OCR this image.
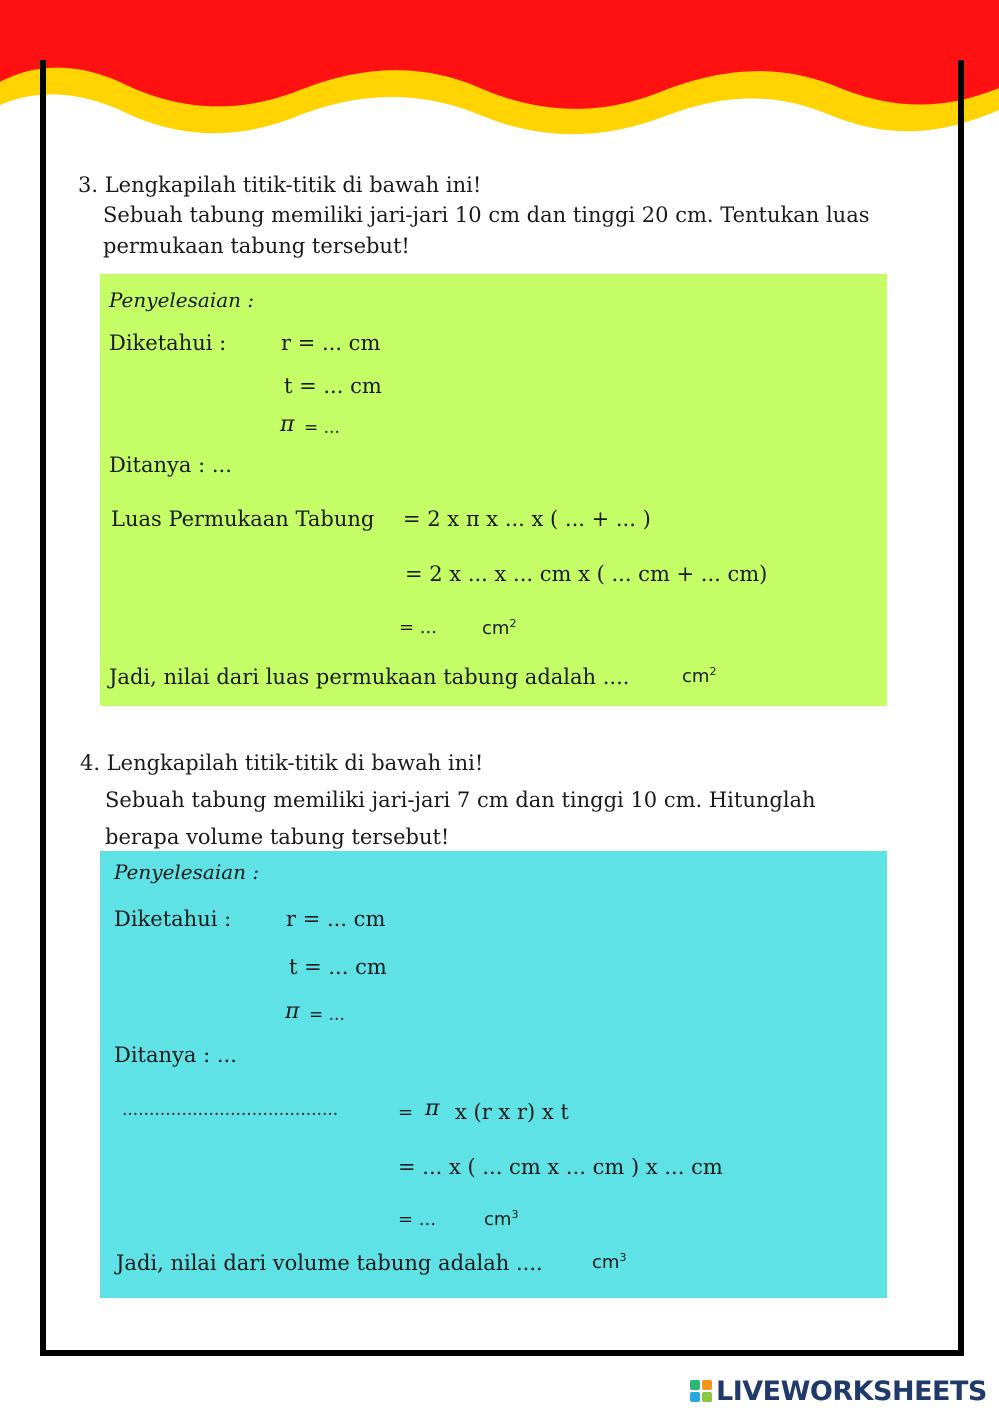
3. Lengkapilah titik-titik di bawah ini!
Sebuah tabung memiliki jari-jari 10 cm dan tinggi 20 cm. Tentukan luas
permukaan tabung tersebut!
Penyelesaian :
Diketahui :	r = ... cm
t = ... cm
π = ...
Ditanya : ...
Luas Permukaan Tabung = 2 x π x ... x ( ... + ... )
= 2 x ... x ... cm x ( ... cm + ... cm)
= ...	$cm^2$
Jadi, nilai dari luas permukaan tabung adalah ....	$cm^2$
4. Lengkapilah titik-titik di bawah ini!
Sebuah tabung memiliki jari-jari 7 cm dan tinggi 10 cm. Hitunglah
berapa volume tabung tersebut!
Penyelesaian :
Diketahui :	r = ... cm
t = ... cm
π = ...
Ditanya : ...
........................................	= π x (r x r) x t
= ... x ( ... cm x ... cm ) x ... cm
= ...	$cm^3$
Jadi, nilai dari volume tabung adalah ....	$cm^3$
LIVEWORKSHEETS
